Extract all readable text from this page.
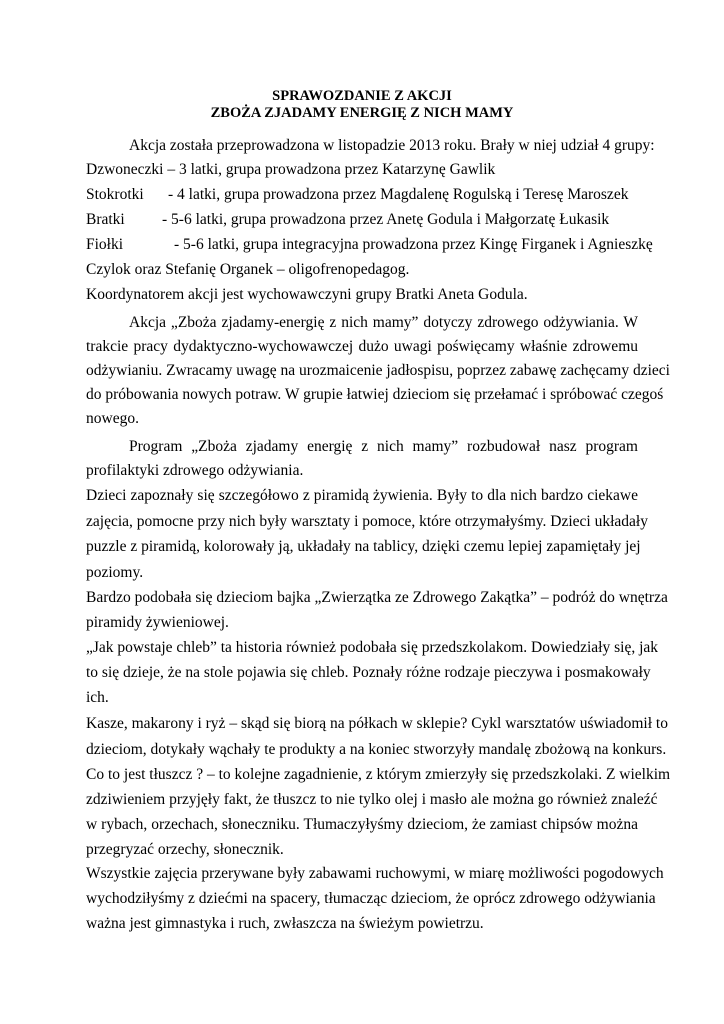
SPRAWOZDANIE Z AKCJI
ZBOŻA ZJADAMY ENERGIĘ Z NICH MAMY
Akcja została przeprowadzona w listopadzie 2013 roku. Brały w niej udział 4 grupy:
Dzwoneczki – 3 latki, grupa prowadzona przez Katarzynę Gawlik
Stokrotki - 4 latki, grupa prowadzona przez Magdalenę Rogulską i Teresę Maroszek
Bratki - 5-6 latki, grupa prowadzona przez Anetę Godula i Małgorzatę Łukasik
Fiołki	- 5-6 latki, grupa integracyjna prowadzona przez Kingę Firganek i Agnieszkę
Czylok oraz Stefanię Organek – oligofrenopedagog.
Koordynatorem akcji jest wychowawczyni grupy Bratki Aneta Godula.
Akcja „Zboża zjadamy-energię z nich mamy” dotyczy zdrowego odżywiania. W
trakcie pracy dydaktyczno-wychowawczej dużo uwagi poświęcamy właśnie zdrowemu
odżywianiu. Zwracamy uwagę na urozmaicenie jadłospisu, poprzez zabawę zachęcamy dzieci
do próbowania nowych potraw. W grupie łatwiej dzieciom się przełamać i spróbować czegoś
nowego.
Program „Zboża zjadamy energię z nich mamy” rozbudował nasz program
profilaktyki zdrowego odżywiania.
Dzieci zapoznały się szczegółowo z piramidą żywienia. Były to dla nich bardzo ciekawe
zajęcia, pomocne przy nich były warsztaty i pomoce, które otrzymałyśmy. Dzieci układały
puzzle z piramidą, kolorowały ją, układały na tablicy, dzięki czemu lepiej zapamiętały jej
poziomy.
Bardzo podobała się dzieciom bajka „Zwierzątka ze Zdrowego Zakątka” – podróż do wnętrza
piramidy żywieniowej.
„Jak powstaje chleb” ta historia również podobała się przedszkolakom. Dowiedziały się, jak
to się dzieje, że na stole pojawia się chleb. Poznały różne rodzaje pieczywa i posmakowały
ich.
Kasze, makarony i ryż – skąd się biorą na półkach w sklepie? Cykl warsztatów uświadomił to
dzieciom, dotykały wąchały te produkty a na koniec stworzyły mandalę zbożową na konkurs.
Co to jest tłuszcz ? – to kolejne zagadnienie, z którym zmierzyły się przedszkolaki. Z wielkim
zdziwieniem przyjęły fakt, że tłuszcz to nie tylko olej i masło ale można go również znaleźć
w rybach, orzechach, słoneczniku. Tłumaczyłyśmy dzieciom, że zamiast chipsów można
przegryzać orzechy, słonecznik.
Wszystkie zajęcia przerywane były zabawami ruchowymi, w miarę możliwości pogodowych
wychodziłyśmy z dziećmi na spacery, tłumacząc dzieciom, że oprócz zdrowego odżywiania
ważna jest gimnastyka i ruch, zwłaszcza na świeżym powietrzu.
